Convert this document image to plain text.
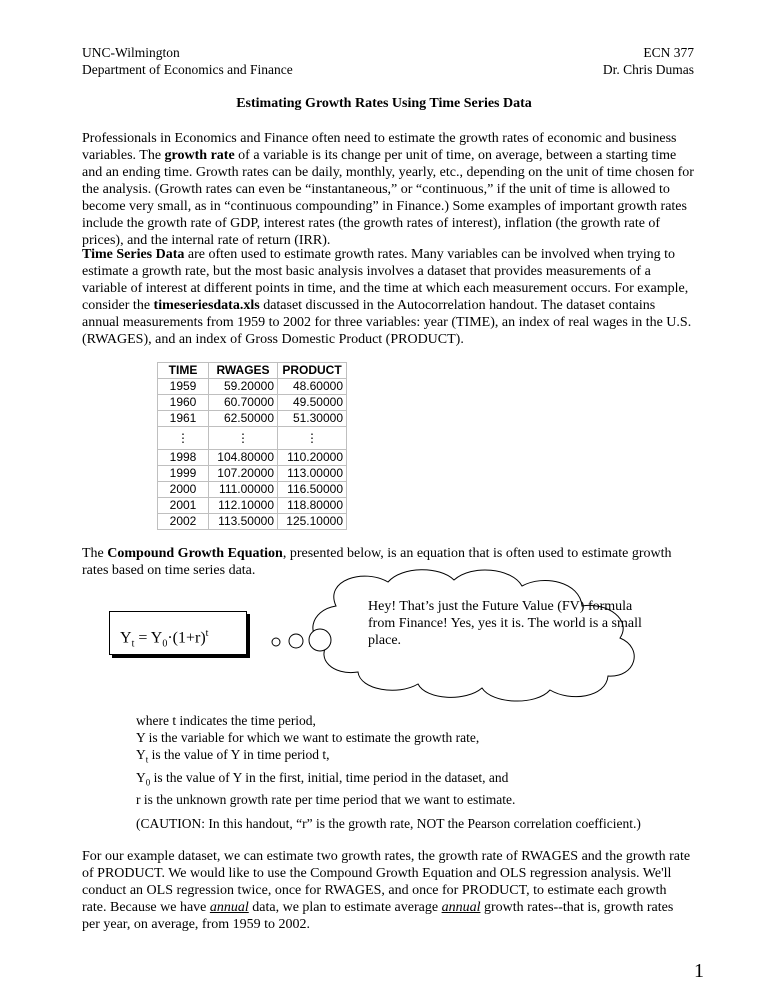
UNC-Wilmington
Department of Economics and Finance
ECN 377
Dr. Chris Dumas
Estimating Growth Rates Using Time Series Data

Professionals in Economics and Finance often need to estimate the growth rates of economic and business variables. The growth rate of a variable is its change per unit of time, on average, between a starting time and an ending time. Growth rates can be daily, monthly, yearly, etc., depending on the unit of time chosen for the analysis. (Growth rates can even be “instantaneous,” or “continuous,” if the unit of time is allowed to become very small, as in “continuous compounding” in Finance.) Some examples of important growth rates include the growth rate of GDP, interest rates (the growth rates of interest), inflation (the growth rate of prices), and the internal rate of return (IRR).

Time Series Data are often used to estimate growth rates. Many variables can be involved when trying to estimate a growth rate, but the most basic analysis involves a dataset that provides measurements of a variable of interest at different points in time, and the time at which each measurement occurs. For example, consider the timeseriesdata.xls dataset discussed in the Autocorrelation handout. The dataset contains annual measurements from 1959 to 2002 for three variables: year (TIME), an index of real wages in the U.S. (RWAGES), and an index of Gross Domestic Product (PRODUCT).

TIME	RWAGES	PRODUCT
1959	59.20000	48.60000
1960	60.70000	49.50000
1961	62.50000	51.30000
⋮	⋮	⋮
1998	104.80000	110.20000
1999	107.20000	113.00000
2000	111.00000	116.50000
2001	112.10000	118.80000
2002	113.50000	125.10000

The Compound Growth Equation, presented below, is an equation that is often used to estimate growth rates based on time series data.

Hey! That’s just the Future Value (FV) formula from Finance! Yes, yes it is. The world is a small place.
$Y_t = Y_0\cdot(1+r)^t$
where t indicates the time period,
Y is the variable for which we want to estimate the growth rate,
$Y_t$ is the value of Y in time period t,
$Y_0$ is the value of Y in the first, initial, time period in the dataset, and
r is the unknown growth rate per time period that we want to estimate.
(CAUTION: In this handout, “r” is the growth rate, NOT the Pearson correlation coefficient.)

For our example dataset, we can estimate two growth rates, the growth rate of RWAGES and the growth rate of PRODUCT. We would like to use the Compound Growth Equation and OLS regression analysis. We'll conduct an OLS regression twice, once for RWAGES, and once for PRODUCT, to estimate each growth rate. Because we have annual data, we plan to estimate average annual growth rates--that is, growth rates per year, on average, from 1959 to 2002.

1
